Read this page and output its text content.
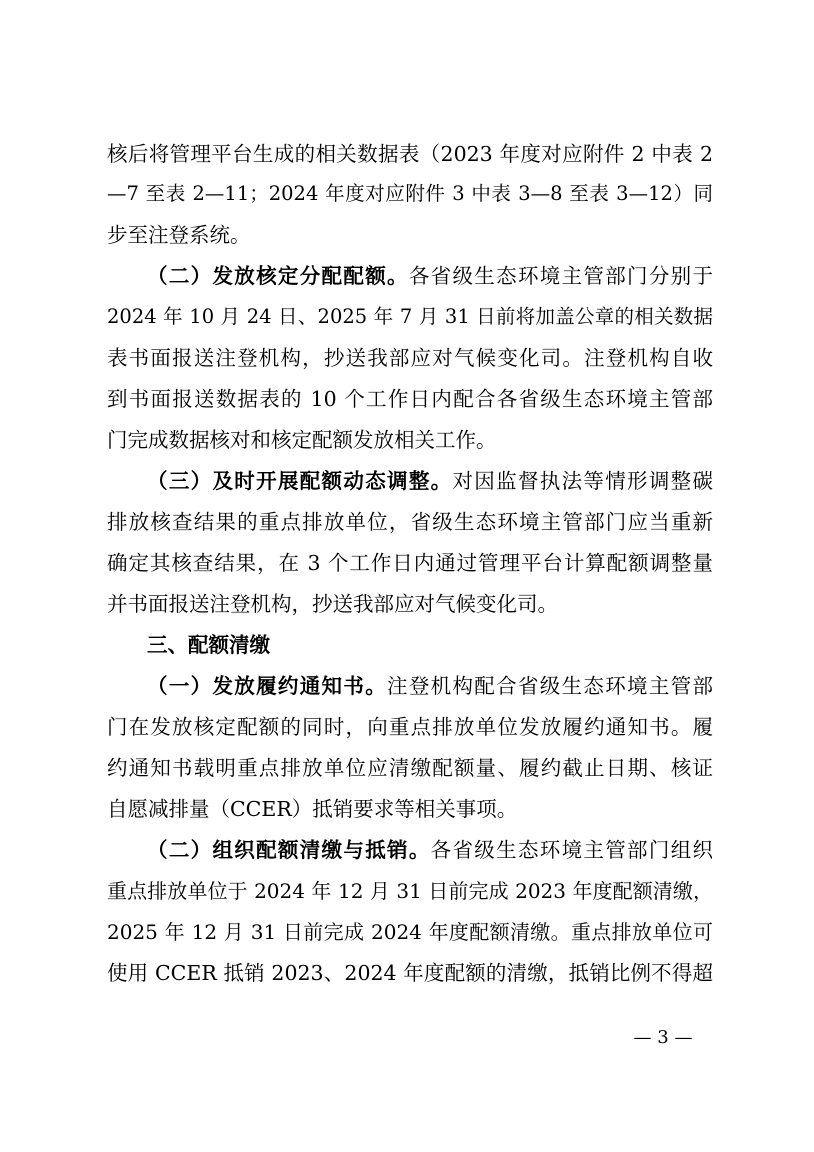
核后将管理平台生成的相关数据表（2023 年度对应附件 2 中表 2
—7 至表 2—11；2024 年度对应附件 3 中表 3—8 至表 3—12）同
步至注登系统。
（二）发放核定分配配额。各省级生态环境主管部门分别于
2024 年 10 月 24 日、2025 年 7 月 31 日前将加盖公章的相关数据
表书面报送注登机构，抄送我部应对气候变化司。注登机构自收
到书面报送数据表的 10 个工作日内配合各省级生态环境主管部
门完成数据核对和核定配额发放相关工作。
（三）及时开展配额动态调整。对因监督执法等情形调整碳
排放核查结果的重点排放单位，省级生态环境主管部门应当重新
确定其核查结果，在 3 个工作日内通过管理平台计算配额调整量
并书面报送注登机构，抄送我部应对气候变化司。
三、配额清缴
（一）发放履约通知书。注登机构配合省级生态环境主管部
门在发放核定配额的同时，向重点排放单位发放履约通知书。履
约通知书载明重点排放单位应清缴配额量、履约截止日期、核证
自愿减排量（CCER）抵销要求等相关事项。
（二）组织配额清缴与抵销。各省级生态环境主管部门组织
重点排放单位于 2024 年 12 月 31 日前完成 2023 年度配额清缴，
2025 年 12 月 31 日前完成 2024 年度配额清缴。重点排放单位可
使用 CCER 抵销 2023、2024 年度配额的清缴，抵销比例不得超
— 3 —
